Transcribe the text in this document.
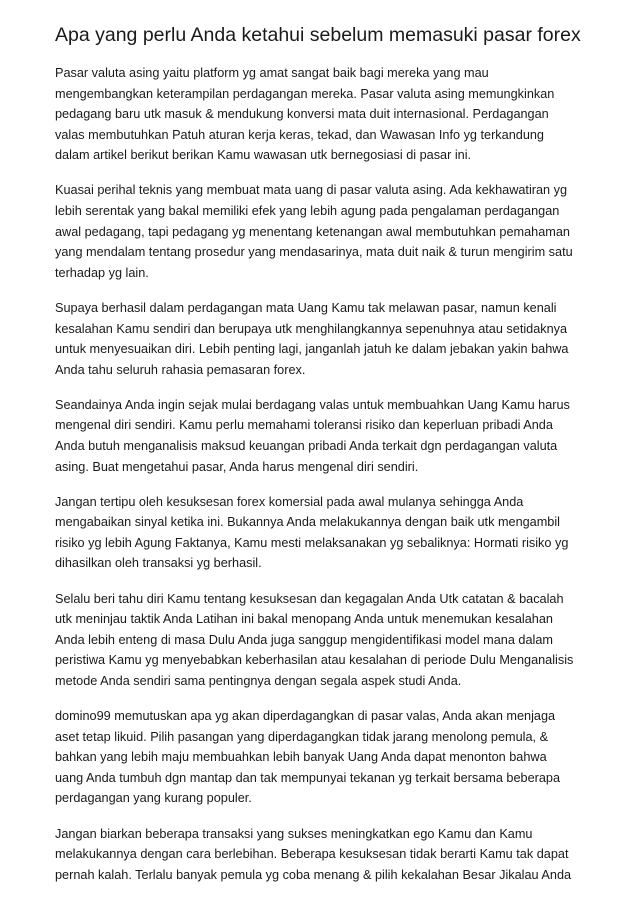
Apa yang perlu Anda ketahui sebelum memasuki pasar forex

Pasar valuta asing yaitu platform yg amat sangat baik bagi mereka yang mau
mengembangkan keterampilan perdagangan mereka. Pasar valuta asing memungkinkan
pedagang baru utk masuk & mendukung konversi mata duit internasional. Perdagangan
valas membutuhkan Patuh aturan kerja keras, tekad, dan Wawasan Info yg terkandung
dalam artikel berikut berikan Kamu wawasan utk bernegosiasi di pasar ini.

Kuasai perihal teknis yang membuat mata uang di pasar valuta asing. Ada kekhawatiran yg
lebih serentak yang bakal memiliki efek yang lebih agung pada pengalaman perdagangan
awal pedagang, tapi pedagang yg menentang ketenangan awal membutuhkan pemahaman
yang mendalam tentang prosedur yang mendasarinya, mata duit naik & turun mengirim satu
terhadap yg lain.

Supaya berhasil dalam perdagangan mata Uang Kamu tak melawan pasar, namun kenali
kesalahan Kamu sendiri dan berupaya utk menghilangkannya sepenuhnya atau setidaknya
untuk menyesuaikan diri. Lebih penting lagi, janganlah jatuh ke dalam jebakan yakin bahwa
Anda tahu seluruh rahasia pemasaran forex.

Seandainya Anda ingin sejak mulai berdagang valas untuk membuahkan Uang Kamu harus
mengenal diri sendiri. Kamu perlu memahami toleransi risiko dan keperluan pribadi Anda
Anda butuh menganalisis maksud keuangan pribadi Anda terkait dgn perdagangan valuta
asing. Buat mengetahui pasar, Anda harus mengenal diri sendiri.

Jangan tertipu oleh kesuksesan forex komersial pada awal mulanya sehingga Anda
mengabaikan sinyal ketika ini. Bukannya Anda melakukannya dengan baik utk mengambil
risiko yg lebih Agung Faktanya, Kamu mesti melaksanakan yg sebaliknya: Hormati risiko yg
dihasilkan oleh transaksi yg berhasil.

Selalu beri tahu diri Kamu tentang kesuksesan dan kegagalan Anda Utk catatan & bacalah
utk meninjau taktik Anda Latihan ini bakal menopang Anda untuk menemukan kesalahan
Anda lebih enteng di masa Dulu Anda juga sanggup mengidentifikasi model mana dalam
peristiwa Kamu yg menyebabkan keberhasilan atau kesalahan di periode Dulu Menganalisis
metode Anda sendiri sama pentingnya dengan segala aspek studi Anda.

domino99 memutuskan apa yg akan diperdagangkan di pasar valas, Anda akan menjaga
aset tetap likuid. Pilih pasangan yang diperdagangkan tidak jarang menolong pemula, &
bahkan yang lebih maju membuahkan lebih banyak Uang Anda dapat menonton bahwa
uang Anda tumbuh dgn mantap dan tak mempunyai tekanan yg terkait bersama beberapa
perdagangan yang kurang populer.

Jangan biarkan beberapa transaksi yang sukses meningkatkan ego Kamu dan Kamu
melakukannya dengan cara berlebihan. Beberapa kesuksesan tidak berarti Kamu tak dapat
pernah kalah. Terlalu banyak pemula yg coba menang & pilih kekalahan Besar Jikalau Anda
